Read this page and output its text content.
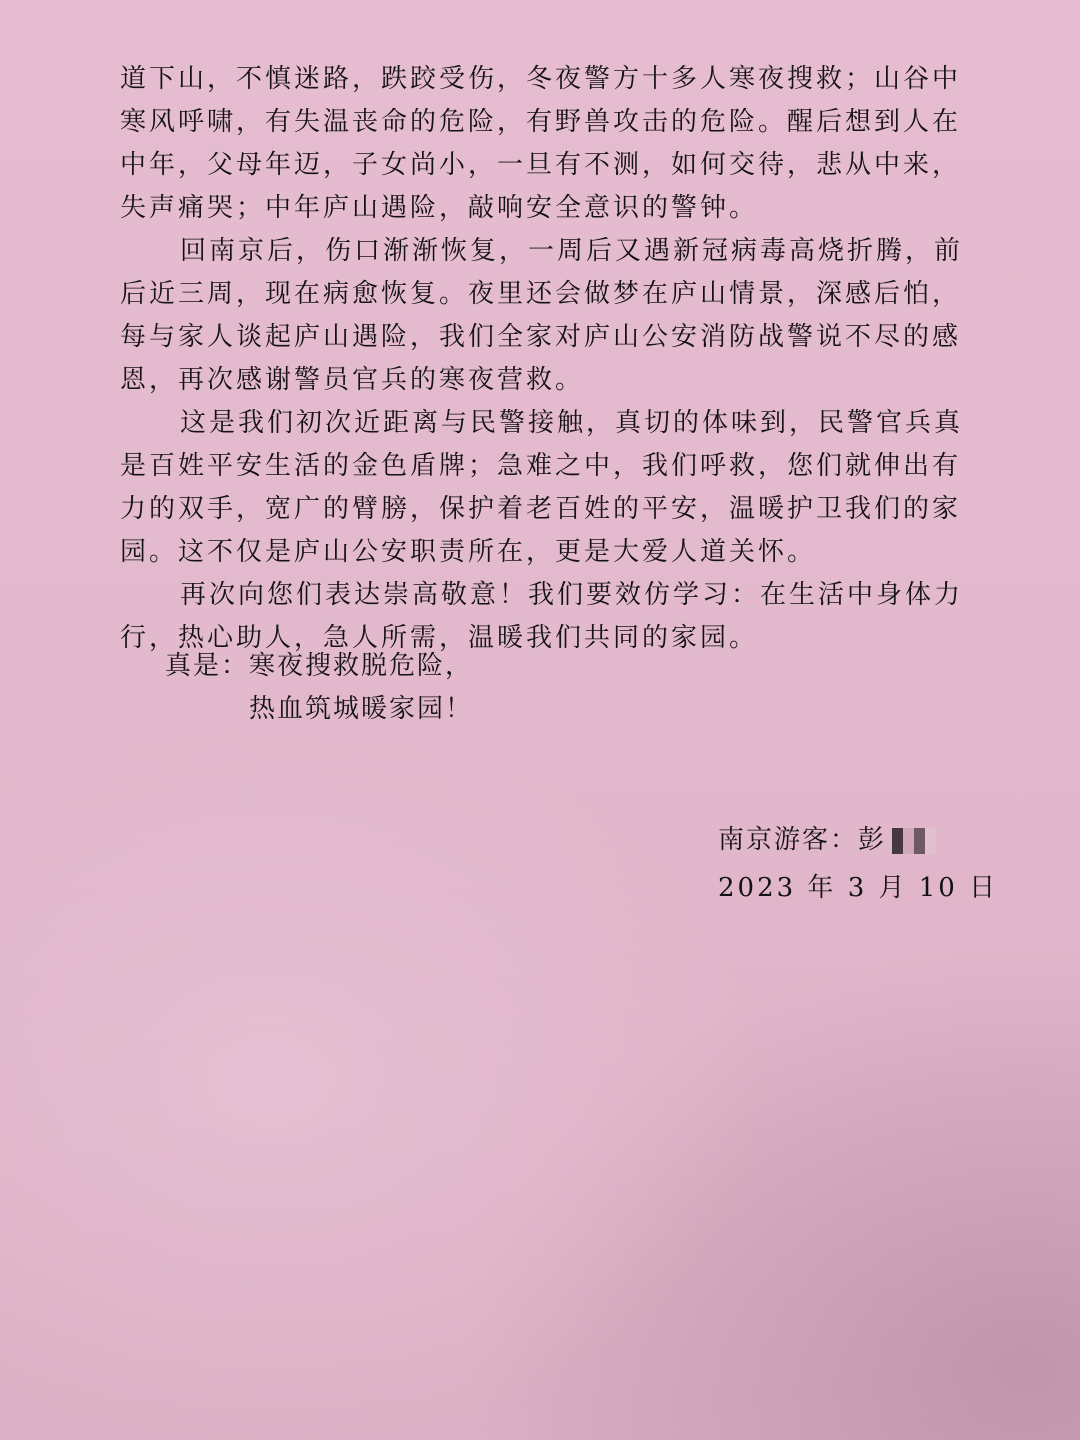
道下山，不慎迷路，跌跤受伤，冬夜警方十多人寒夜搜救；山谷中寒风呼啸，有失温丧命的危险，有野兽攻击的危险。醒后想到人在中年，父母年迈，子女尚小，一旦有不测，如何交待，悲从中来，失声痛哭；中年庐山遇险，敲响安全意识的警钟。

回南京后，伤口渐渐恢复，一周后又遇新冠病毒高烧折腾，前后近三周，现在病愈恢复。夜里还会做梦在庐山情景，深感后怕，每与家人谈起庐山遇险，我们全家对庐山公安消防战警说不尽的感恩，再次感谢警员官兵的寒夜营救。

这是我们初次近距离与民警接触，真切的体味到，民警官兵真是百姓平安生活的金色盾牌；急难之中，我们呼救，您们就伸出有力的双手，宽广的臂膀，保护着老百姓的平安，温暖护卫我们的家园。这不仅是庐山公安职责所在，更是大爱人道关怀。

再次向您们表达崇高敬意！我们要效仿学习：在生活中身体力行，热心助人，急人所需，温暖我们共同的家园。

真是：寒夜搜救脱危险，
热血筑城暖家园！
南京游客：彭
2023 年 3 月 10 日
